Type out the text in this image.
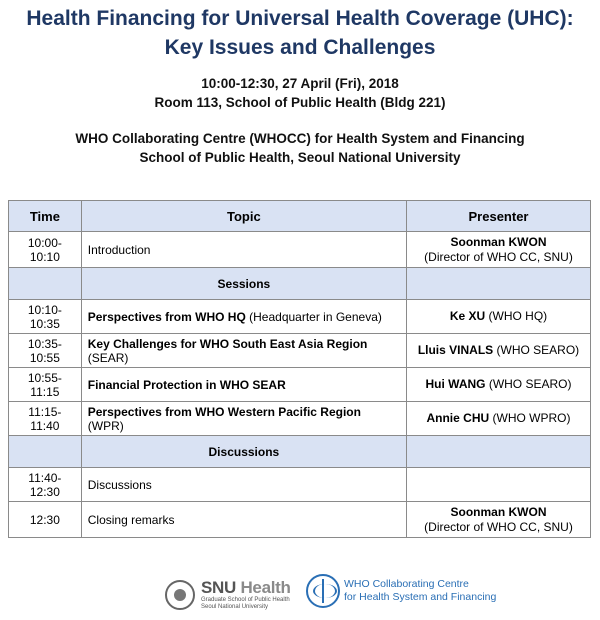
Health Financing for Universal Health Coverage (UHC):
Key Issues and Challenges
10:00-12:30, 27 April (Fri), 2018
Room 113, School of Public Health (Bldg 221)
WHO Collaborating Centre (WHOCC) for Health System and Financing
School of Public Health, Seoul National University
Time	Topic	Presenter
10:00-10:10	Introduction	Soonman KWON
(Director of WHO CC, SNU)
	Sessions	
10:10-10:35	Perspectives from WHO HQ (Headquarter in Geneva)	Ke XU (WHO HQ)
10:35-10:55	Key Challenges for WHO South East Asia Region (SEAR)	Lluis VINALS (WHO SEARO)
10:55-11:15	Financial Protection in WHO SEAR	Hui WANG (WHO SEARO)
11:15-11:40	Perspectives from WHO Western Pacific Region (WPR)	Annie CHU (WHO WPRO)
	Discussions	
11:40-12:30	Discussions	
12:30	Closing remarks	Soonman KWON
(Director of WHO CC, SNU)
SNU Health
Graduate School of Public Health
Seoul National University
WHO Collaborating Centre
for Health System and Financing
